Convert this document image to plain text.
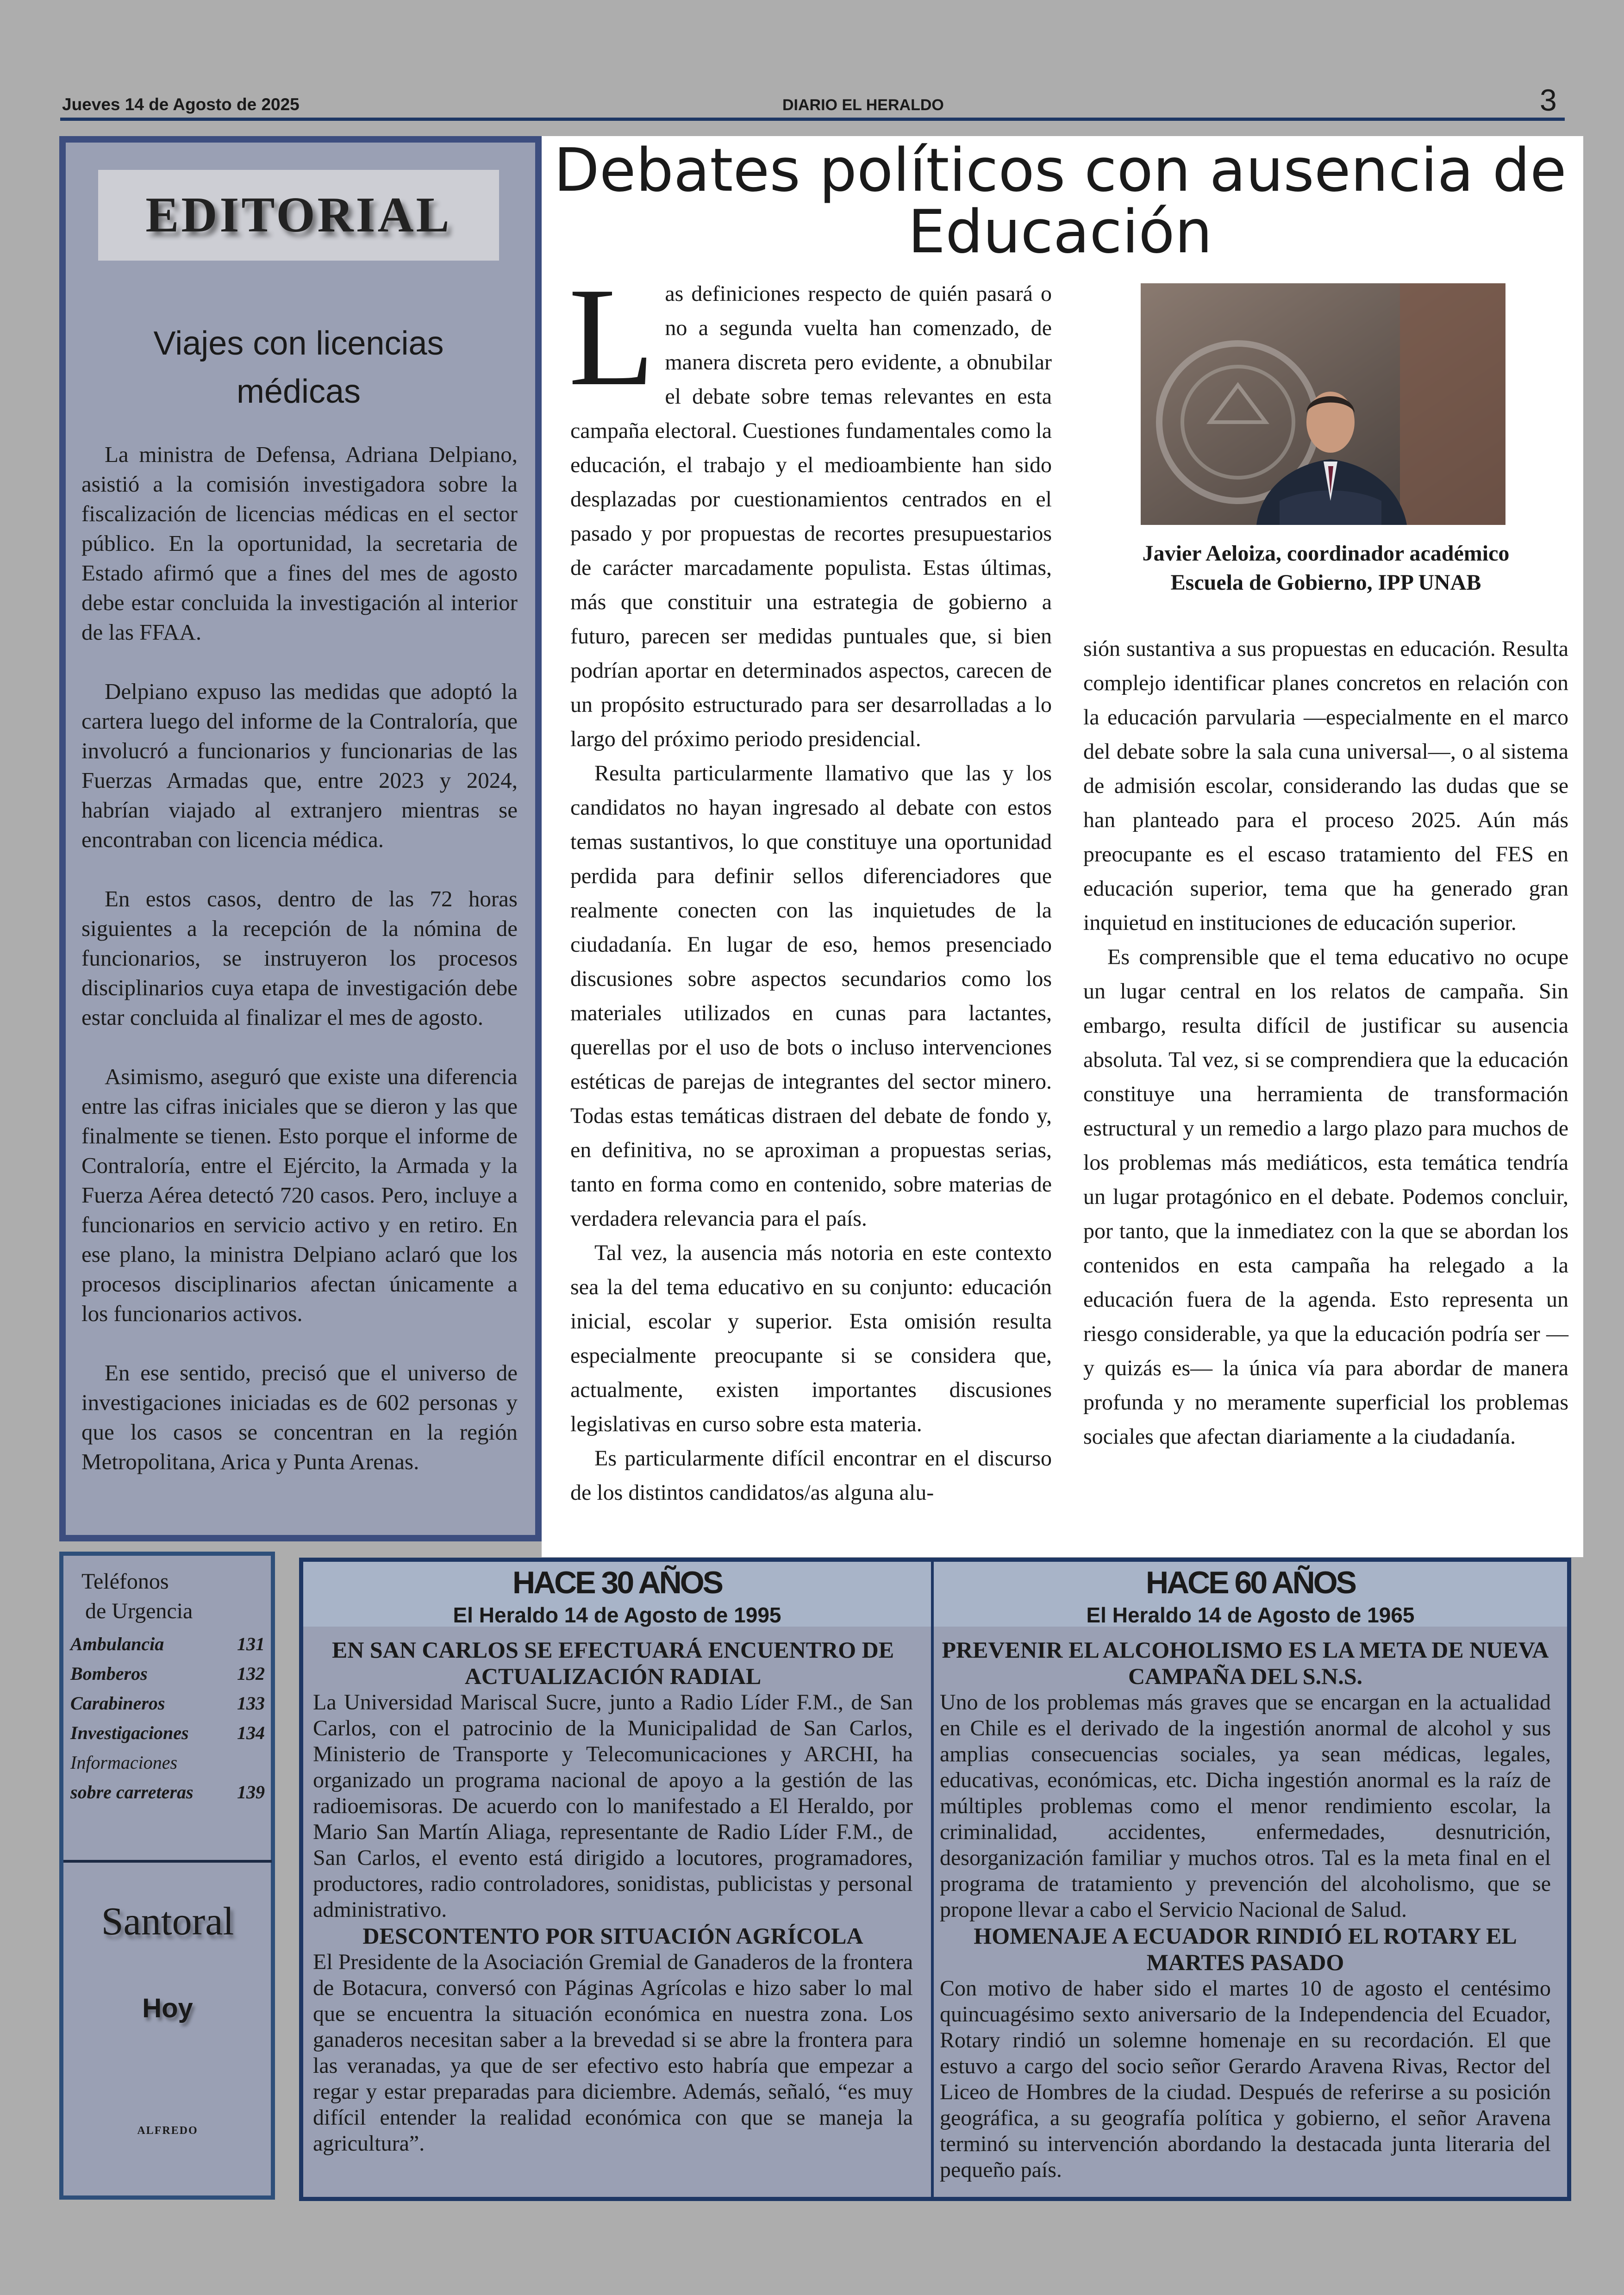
Jueves 14 de Agosto de 2025	DIARIO EL HERALDO	3
EDITORIAL
Viajes con licencias médicas

La ministra de Defensa, Adriana Delpiano, asistió a la comisión investigadora sobre la fiscalización de licencias médicas en el sector público. En la oportunidad, la secretaria de Estado afirmó que a fines del mes de agosto debe estar concluida la investigación al interior de las FFAA.

Delpiano expuso las medidas que adoptó la cartera luego del informe de la Contraloría, que involucró a funcionarios y funcionarias de las Fuerzas Armadas que, entre 2023 y 2024, habrían viajado al extranjero mientras se encontraban con licencia médica.

En estos casos, dentro de las 72 horas siguientes a la recepción de la nómina de funcionarios, se instruyeron los procesos disciplinarios cuya etapa de investigación debe estar concluida al finalizar el mes de agosto.

Asimismo, aseguró que existe una diferencia entre las cifras iniciales que se dieron y las que finalmente se tienen. Esto porque el informe de Contraloría, entre el Ejército, la Armada y la Fuerza Aérea detectó 720 casos. Pero, incluye a funcionarios en servicio activo y en retiro. En ese plano, la ministra Delpiano aclaró que los procesos disciplinarios afectan únicamente a los funcionarios activos.

En ese sentido, precisó que el universo de investigaciones iniciadas es de 602 personas y que los casos se concentran en la región Metropolitana, Arica y Punta Arenas.

Debates políticos con ausencia de Educación

Las definiciones respecto de quién pasará o no a segunda vuelta han comenzado, de manera discreta pero evidente, a obnubilar el debate sobre temas relevantes en esta campaña electoral. Cuestiones fundamentales como la educación, el trabajo y el medioambiente han sido desplazadas por cuestionamientos centrados en el pasado y por propuestas de recortes presupuestarios de carácter marcadamente populista. Estas últimas, más que constituir una estrategia de gobierno a futuro, parecen ser medidas puntuales que, si bien podrían aportar en determinados aspectos, carecen de un propósito estructurado para ser desarrolladas a lo largo del próximo periodo presidencial.

Resulta particularmente llamativo que las y los candidatos no hayan ingresado al debate con estos temas sustantivos, lo que constituye una oportunidad perdida para definir sellos diferenciadores que realmente conecten con las inquietudes de la ciudadanía. En lugar de eso, hemos presenciado discusiones sobre aspectos secundarios como los materiales utilizados en cunas para lactantes, querellas por el uso de bots o incluso intervenciones estéticas de parejas de integrantes del sector minero. Todas estas temáticas distraen del debate de fondo y, en definitiva, no se aproximan a propuestas serias, tanto en forma como en contenido, sobre materias de verdadera relevancia para el país.

Tal vez, la ausencia más notoria en este contexto sea la del tema educativo en su conjunto: educación inicial, escolar y superior. Esta omisión resulta especialmente preocupante si se considera que, actualmente, existen importantes discusiones legislativas en curso sobre esta materia.

Es particularmente difícil encontrar en el discurso de los distintos candidatos/as alguna alu-

Javier Aeloiza, coordinador académico
Escuela de Gobierno, IPP UNAB

sión sustantiva a sus propuestas en educación. Resulta complejo identificar planes concretos en relación con la educación parvularia —especialmente en el marco del debate sobre la sala cuna universal—, o al sistema de admisión escolar, considerando las dudas que se han planteado para el proceso 2025. Aún más preocupante es el escaso tratamiento del FES en educación superior, tema que ha generado gran inquietud en instituciones de educación superior.

Es comprensible que el tema educativo no ocupe un lugar central en los relatos de campaña. Sin embargo, resulta difícil de justificar su ausencia absoluta. Tal vez, si se comprendiera que la educación constituye una herramienta de transformación estructural y un remedio a largo plazo para muchos de los problemas más mediáticos, esta temática tendría un lugar protagónico en el debate. Podemos concluir, por tanto, que la inmediatez con la que se abordan los contenidos en esta campaña ha relegado a la educación fuera de la agenda. Esto representa un riesgo considerable, ya que la educación podría ser —y quizás es— la única vía para abordar de manera profunda y no meramente superficial los problemas sociales que afectan diariamente a la ciudadanía.

Teléfonos
de Urgencia
Ambulancia	131
Bomberos	132
Carabineros	133
Investigaciones	134
Informaciones
sobre carreteras 139
Santoral
Hoy
ALFREDO
HACE 30 AÑOS
El Heraldo 14 de Agosto de 1995
HACE 60 AÑOS
El Heraldo 14 de Agosto de 1965
EN SAN CARLOS SE EFECTUARÁ ENCUENTRO DE ACTUALIZACIÓN RADIAL

La Universidad Mariscal Sucre, junto a Radio Líder F.M., de San Carlos, con el patrocinio de la Municipalidad de San Carlos, Ministerio de Transporte y Telecomunicaciones y ARCHI, ha organizado un programa nacional de apoyo a la gestión de las radioemisoras. De acuerdo con lo manifestado a El Heraldo, por Mario San Martín Aliaga, representante de Radio Líder F.M., de San Carlos, el evento está dirigido a locutores, programadores, productores, radio controladores, sonidistas, publicistas y personal administrativo.

DESCONTENTO POR SITUACIÓN AGRÍCOLA

El Presidente de la Asociación Gremial de Ganaderos de la frontera de Botacura, conversó con Páginas Agrícolas e hizo saber lo mal que se encuentra la situación económica en nuestra zona. Los ganaderos necesitan saber a la brevedad si se abre la frontera para las veranadas, ya que de ser efectivo esto habría que empezar a regar y estar preparadas para diciembre. Además, señaló, “es muy difícil entender la realidad económica con que se maneja la agricultura”.

PREVENIR EL ALCOHOLISMO ES LA META DE NUEVA CAMPAÑA DEL S.N.S.

Uno de los problemas más graves que se encargan en la actualidad en Chile es el derivado de la ingestión anormal de alcohol y sus amplias consecuencias sociales, ya sean médicas, legales, educativas, económicas, etc. Dicha ingestión anormal es la raíz de múltiples problemas como el menor rendimiento escolar, la criminalidad, accidentes, enfermedades, desnutrición, desorganización familiar y muchos otros. Tal es la meta final en el programa de tratamiento y prevención del alcoholismo, que se propone llevar a cabo el Servicio Nacional de Salud.

HOMENAJE A ECUADOR RINDIÓ EL ROTARY EL MARTES PASADO

Con motivo de haber sido el martes 10 de agosto el centésimo quincuagésimo sexto aniversario de la Independencia del Ecuador, Rotary rindió un solemne homenaje en su recordación. El que estuvo a cargo del socio señor Gerardo Aravena Rivas, Rector del Liceo de Hombres de la ciudad. Después de referirse a su posición geográfica, a su geografía política y gobierno, el señor Aravena terminó su intervención abordando la destacada junta literaria del pequeño país.
